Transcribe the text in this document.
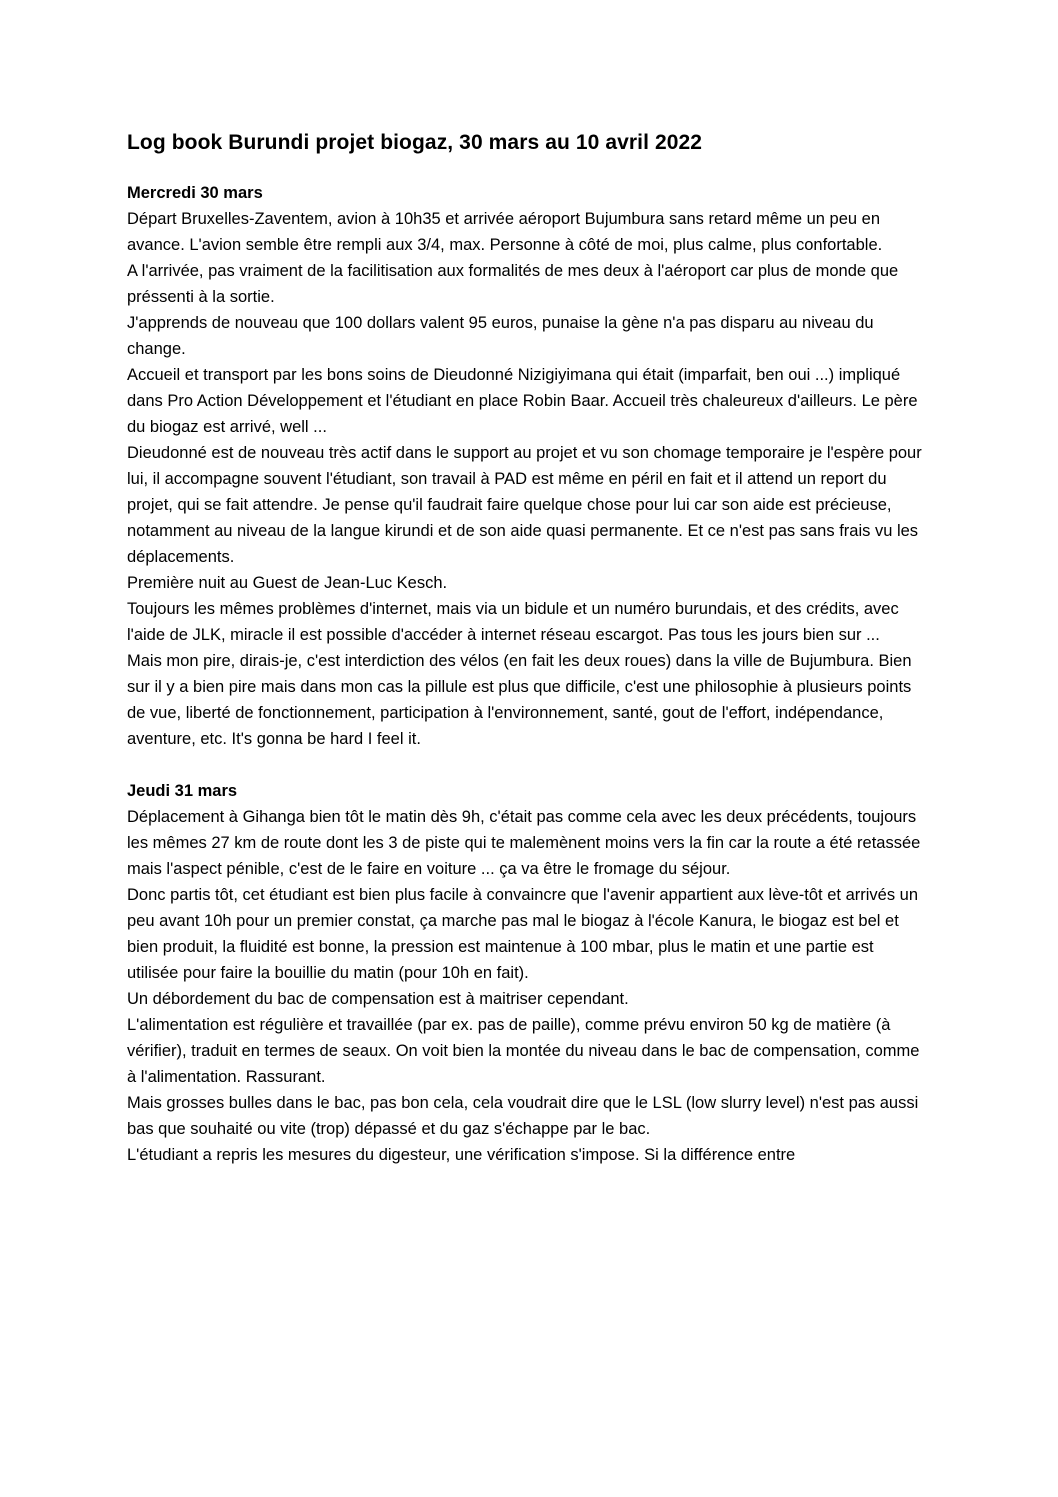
Log book Burundi projet biogaz, 30 mars au 10 avril 2022

Mercredi 30 mars

Départ Bruxelles-Zaventem, avion à 10h35 et arrivée aéroport Bujumbura sans retard même un peu en avance. L'avion semble être rempli aux 3/4, max. Personne à côté de moi, plus calme, plus confortable.

A l'arrivée, pas vraiment de la facilitisation aux formalités de mes deux à l'aéroport car plus de monde que préssenti à la sortie.

J'apprends de nouveau que 100 dollars valent 95 euros, punaise la gène n'a pas disparu au niveau du change.

Accueil et transport par les bons soins de Dieudonné Nizigiyimana qui était (imparfait, ben oui ...) impliqué dans Pro Action Développement et l'étudiant en place Robin Baar. Accueil très chaleureux d'ailleurs. Le père du biogaz est arrivé, well ...

Dieudonné est de nouveau très actif dans le support au projet et vu son chomage temporaire je l'espère pour lui, il accompagne souvent l'étudiant, son travail à PAD est même en péril en fait et il attend un report du projet, qui se fait attendre. Je pense qu'il faudrait faire quelque chose pour lui car son aide est précieuse, notamment au niveau de la langue kirundi et de son aide quasi permanente. Et ce n'est pas sans frais vu les déplacements.

Première nuit au Guest de Jean-Luc Kesch.

Toujours les mêmes problèmes d'internet, mais via un bidule et un numéro burundais, et des crédits, avec l'aide de JLK, miracle il est possible d'accéder à internet réseau escargot. Pas tous les jours bien sur ...

Mais mon pire, dirais-je, c'est interdiction des vélos (en fait les deux roues) dans la ville de Bujumbura. Bien sur il y a bien pire mais dans mon cas la pillule est plus que difficile, c'est une philosophie à plusieurs points de vue, liberté de fonctionnement, participation à l'environnement, santé, gout de l'effort, indépendance, aventure, etc. It's gonna be hard I feel it.

Jeudi 31 mars

Déplacement à Gihanga bien tôt le matin dès 9h, c'était pas comme cela avec les deux précédents, toujours les mêmes 27 km de route dont les 3 de piste qui te malemènent moins vers la fin car la route a été retassée mais l'aspect pénible, c'est de le faire en voiture ... ça va être le fromage du séjour.

Donc partis tôt, cet étudiant est bien plus facile à convaincre que l'avenir appartient aux lève-tôt et arrivés un peu avant 10h pour un premier constat, ça marche pas mal le biogaz à l'école Kanura, le biogaz est bel et bien produit, la fluidité est bonne, la pression est maintenue à 100 mbar, plus le matin et une partie est utilisée pour faire la bouillie du matin (pour 10h en fait).

Un débordement du bac de compensation est à maitriser cependant.

L'alimentation est régulière et travaillée (par ex. pas de paille), comme prévu environ 50 kg de matière (à vérifier), traduit en termes de seaux. On voit bien la montée du niveau dans le bac de compensation, comme à l'alimentation. Rassurant.

Mais grosses bulles dans le bac, pas bon cela, cela voudrait dire que le LSL (low slurry level) n'est pas aussi bas que souhaité ou vite (trop) dépassé et du gaz s'échappe par le bac.

L'étudiant a repris les mesures du digesteur, une vérification s'impose. Si la différence entre
